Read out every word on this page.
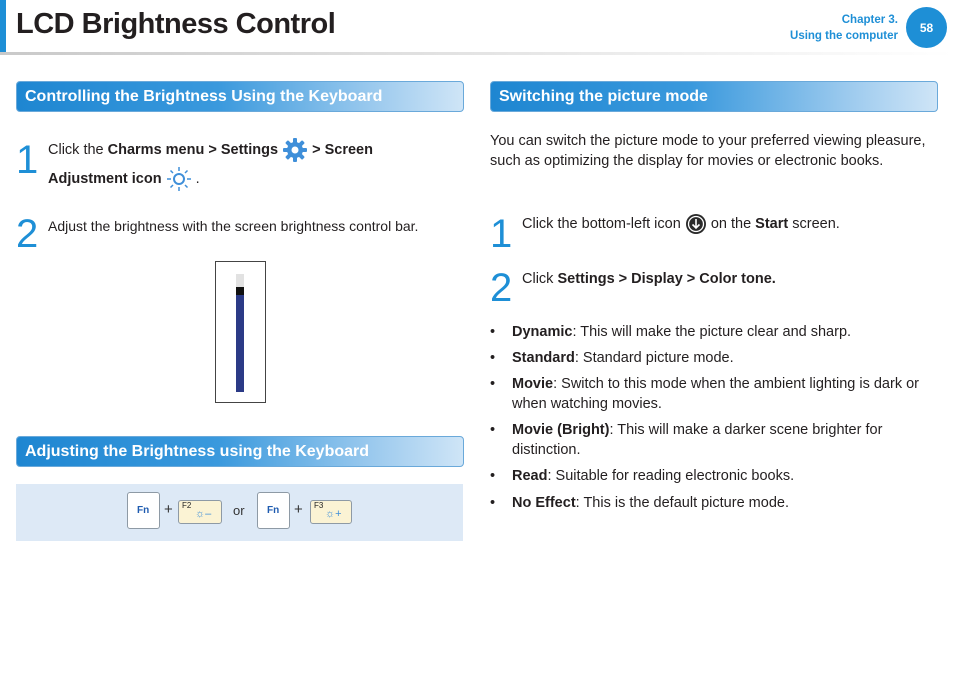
LCD Brightness Control	Chapter 3.
Using the computer
58
Controlling the Brightness Using the Keyboard
1 Click the Charms menu > Settings  > Screen
Adjustment icon  .
2 Adjust the brightness with the screen brightness control bar.
Adjusting the Brightness using the Keyboard
Fn + F2
☼– or Fn + F3
☼+
Switching the picture mode
You can switch the picture mode to your preferred viewing pleasure, such as optimizing the display for movies or electronic books.
1 Click the bottom-left icon  on the Start screen.
2 Click Settings > Display > Color tone.
• Dynamic: This will make the picture clear and sharp.
• Standard: Standard picture mode.
• Movie: Switch to this mode when the ambient lighting is dark or when watching movies.
• Movie (Bright): This will make a darker scene brighter for distinction.
• Read: Suitable for reading electronic books.
• No Effect: This is the default picture mode.
